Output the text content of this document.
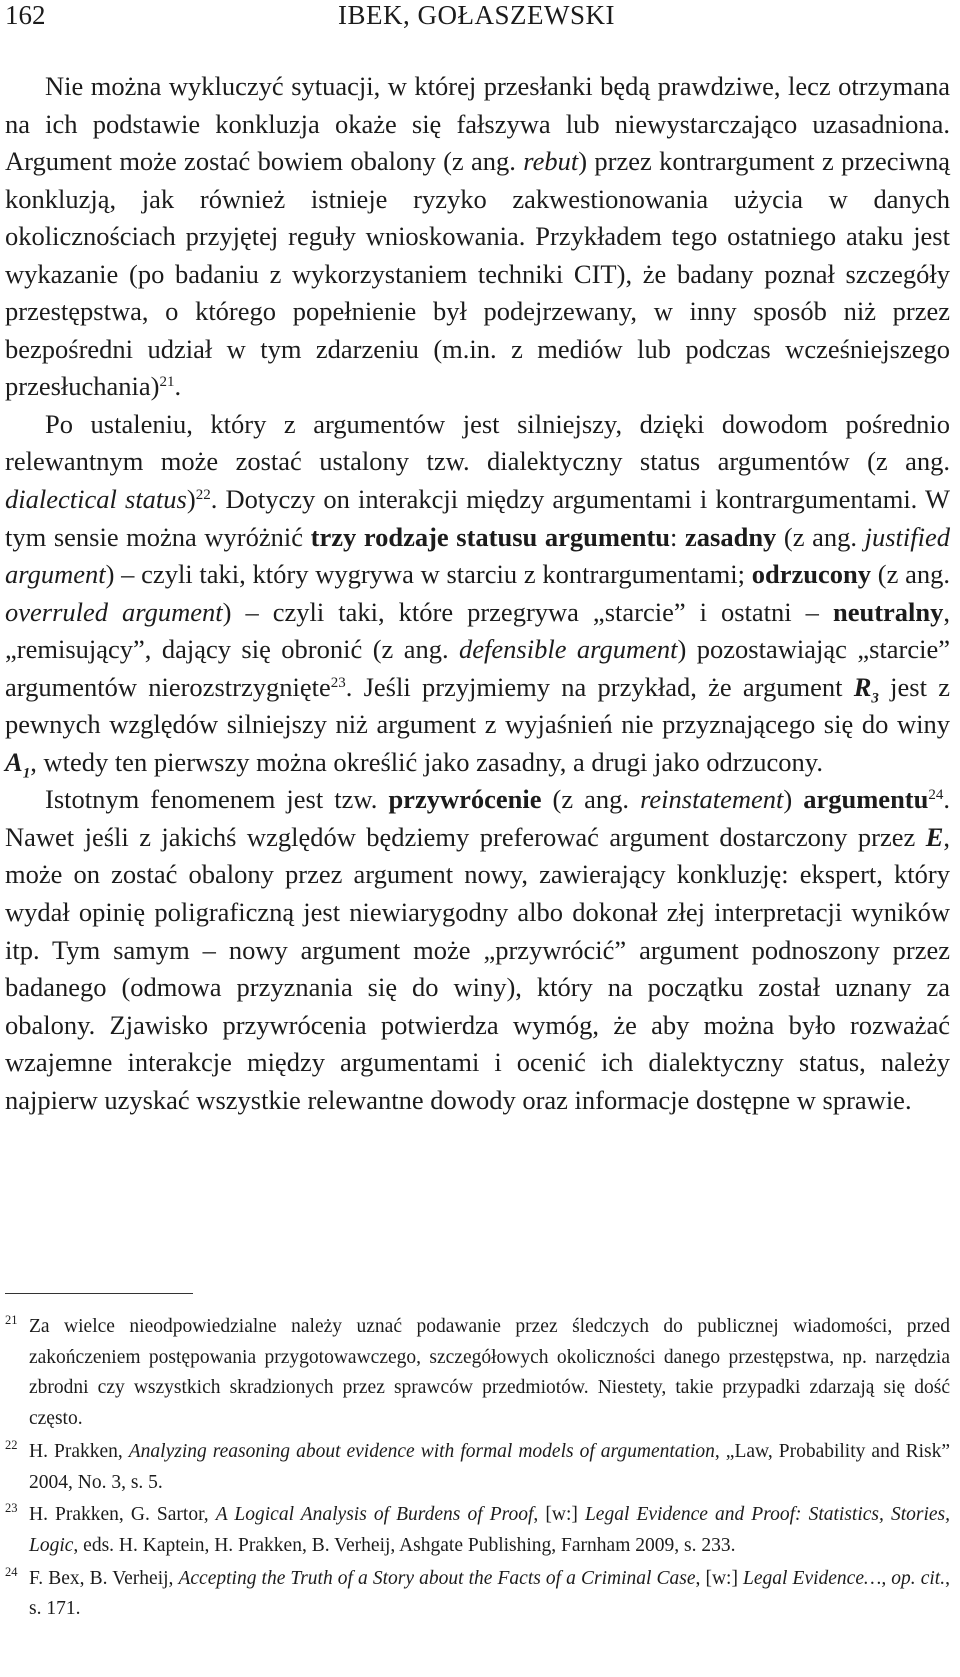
162	IBEK, GOŁASZEWSKI

Nie można wykluczyć sytuacji, w której przesłanki będą prawdziwe, lecz otrzymana na ich podstawie konkluzja okaże się fałszywa lub niewystarczająco uzasadniona. Argument może zostać bowiem obalony (z ang. rebut) przez kontrargument z przeciwną konkluzją, jak również istnieje ryzyko zakwestionowania użycia w danych okolicznościach przyjętej reguły wnioskowania. Przykładem tego ostatniego ataku jest wykazanie (po badaniu z wykorzystaniem techniki CIT), że badany poznał szczegóły przestępstwa, o którego popełnienie był podejrzewany, w inny sposób niż przez bezpośredni udział w tym zdarzeniu (m.in. z mediów lub podczas wcześniejszego przesłuchania)$^{21}$.

Po ustaleniu, który z argumentów jest silniejszy, dzięki dowodom pośrednio relewantnym może zostać ustalony tzw. dialektyczny status argumentów (z ang. dialectical status)$^{22}$. Dotyczy on interakcji między argumentami i kontrargumentami. W tym sensie można wyróżnić trzy rodzaje statusu argumentu: zasadny (z ang. justified argument) – czyli taki, który wygrywa w starciu z kontrargumentami; odrzucony (z ang. overruled argument) – czyli taki, które przegrywa „starcie” i ostatni – neutralny, „remisujący”, dający się obronić (z ang. defensible argument) pozostawiając „starcie” argumentów nierozstrzygnięte$^{23}$. Jeśli przyjmiemy na przykład, że argument $R_3$ jest z pewnych względów silniejszy niż argument z wyjaśnień nie przyznającego się do winy $A_1$, wtedy ten pierwszy można określić jako zasadny, a drugi jako odrzucony.

Istotnym fenomenem jest tzw. przywrócenie (z ang. reinstatement) argumentu$^{24}$. Nawet jeśli z jakichś względów będziemy preferować argument dostarczony przez E, może on zostać obalony przez argument nowy, zawierający konkluzję: ekspert, który wydał opinię poligraficzną jest niewiarygodny albo dokonał złej interpretacji wyników itp. Tym samym – nowy argument może „przywrócić” argument podnoszony przez badanego (odmowa przyznania się do winy), który na początku został uznany za obalony. Zjawisko przywrócenia potwierdza wymóg, że aby można było rozważać wzajemne interakcje między argumentami i ocenić ich dialektyczny status, należy najpierw uzyskać wszystkie relewantne dowody oraz informacje dostępne w sprawie.

21 Za wielce nieodpowiedzialne należy uznać podawanie przez śledczych do publicznej wiadomości, przed zakończeniem postępowania przygotowawczego, szczegółowych okoliczności danego przestępstwa, np. narzędzia zbrodni czy wszystkich skradzionych przez sprawców przedmiotów. Niestety, takie przypadki zdarzają się dość często.
22 H. Prakken, Analyzing reasoning about evidence with formal models of argumentation, „Law, Probability and Risk” 2004, No. 3, s. 5.
23 H. Prakken, G. Sartor, A Logical Analysis of Burdens of Proof, [w:] Legal Evidence and Proof: Statistics, Stories, Logic, eds. H. Kaptein, H. Prakken, B. Verheij, Ashgate Publishing, Farnham 2009, s. 233.
24 F. Bex, B. Verheij, Accepting the Truth of a Story about the Facts of a Criminal Case, [w:] Legal Evidence…, op. cit., s. 171.
